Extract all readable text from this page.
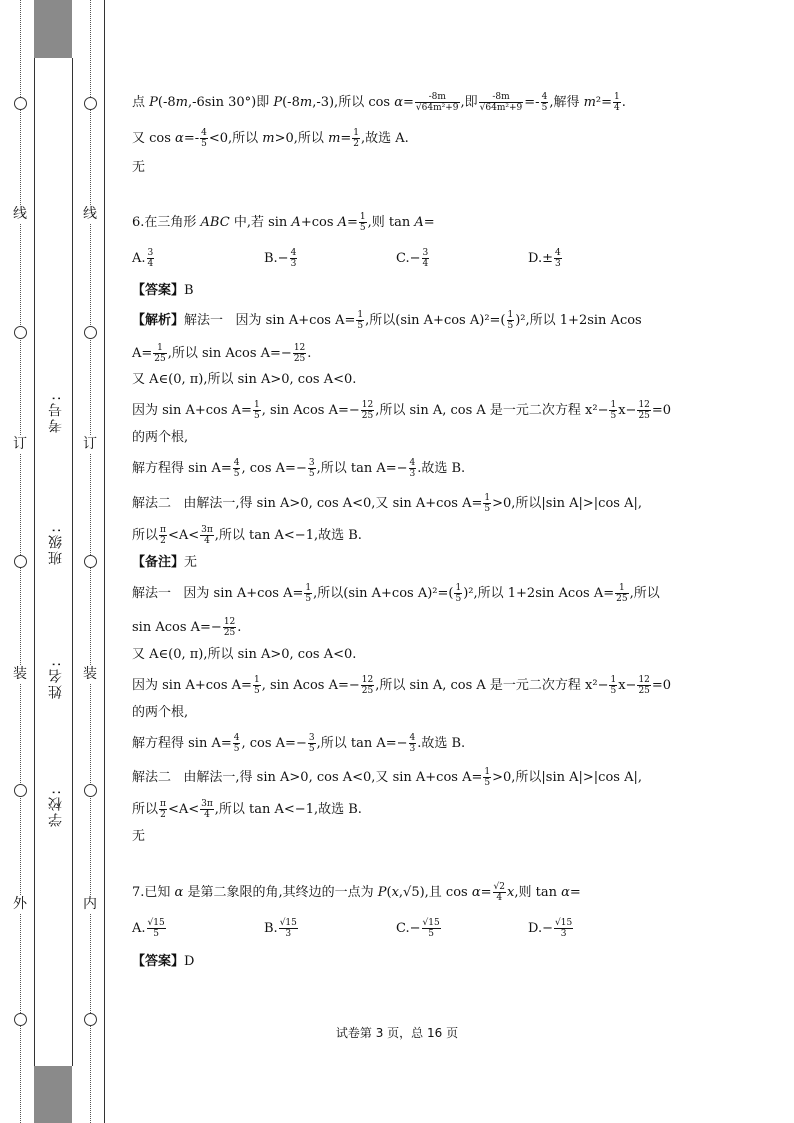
线
订
装
外
线
订
装
内
考号:
班级:
姓名:
学校:
点 P(-8m,-6sin 30°)即 P(-8m,-3),所以 $\cos \alpha= \frac{-8m}{\text{√64m²+9}}$ ,即 $\frac{-8m}{\text{√64m²+9}} =- \frac{4}{5}$ ,解得 $m^2= \frac{1}{4}$ .
又 $\cos \alpha=- \frac{4}{5} <0$,所以 m>0,所以 $m= \frac{1}{2}$ ,故选 A.
无
6.在三角形 ABC 中,若 sin A+cos $A= \frac{1}{5}$ ,则 tan A=
A. $\frac{3}{4}$	$B.- \frac{4}{3}$	$C.- \frac{3}{4}$	$D.\pm \frac{4}{3}$
【答案】B
【解析】解法一 因为 sin A+cos $A= \frac{1}{5}$ ,所以(sin A+cos $A)^2=( \frac{1}{5} )^2$,所以 1+2sin Acos
$A= \frac{1}{25}$ ,所以 sin Acos $A=- \frac{12}{25}$ .
又 A∈(0, π),所以 sin A>0, cos A<0.
因为 sin A+cos $A= \frac{1}{5}$ , sin Acos $A=- \frac{12}{25}$ ,所以 sin A, cos A 是一元二次方程 $x^2- \frac{1}{5} x- \frac{12}{25} =0$
的两个根,
解方程得 $\sin A= \frac{4}{5}$ , $\cos A=- \frac{3}{5}$ ,所以 $\tan A=- \frac{4}{3}$ .故选 B.
解法二 由解法一,得 sin A>0, cos A<0,又 sin A+cos $A= \frac{1}{5} >0$,所以|sin A|>|cos A|,
所以 $\frac{\pi}{2} <A< \frac{3\pi}{4}$ ,所以 tan A<−1,故选 B.
【备注】无
解法一 因为 sin A+cos $A= \frac{1}{5}$ ,所以(sin A+cos $A)^2=( \frac{1}{5} )^2$,所以 1+2sin Acos $A= \frac{1}{25}$ ,所以
sin Acos $A=- \frac{12}{25}$ .
又 A∈(0, π),所以 sin A>0, cos A<0.
因为 sin A+cos $A= \frac{1}{5}$ , sin Acos $A=- \frac{12}{25}$ ,所以 sin A, cos A 是一元二次方程 $x^2- \frac{1}{5} x- \frac{12}{25} =0$
的两个根,
解方程得 $\sin A= \frac{4}{5}$ , $\cos A=- \frac{3}{5}$ ,所以 $\tan A=- \frac{4}{3}$ .故选 B.
解法二 由解法一,得 sin A>0, cos A<0,又 sin A+cos $A= \frac{1}{5} >0$,所以|sin A|>|cos A|,
所以 $\frac{\pi}{2} <A< \frac{3\pi}{4}$ ,所以 tan A<−1,故选 B.
无
7.已知 α 是第二象限的角,其终边的一点为 P(x,√5),且 $\cos \alpha= \frac{√2}{4} x$,则 tan α=
A. $\frac{√15}{5}$	B. $\frac{√15}{3}$	$C.- \frac{√15}{5}$	$D.- \frac{√15}{3}$
【答案】D
试卷第 3 页，总 16 页
